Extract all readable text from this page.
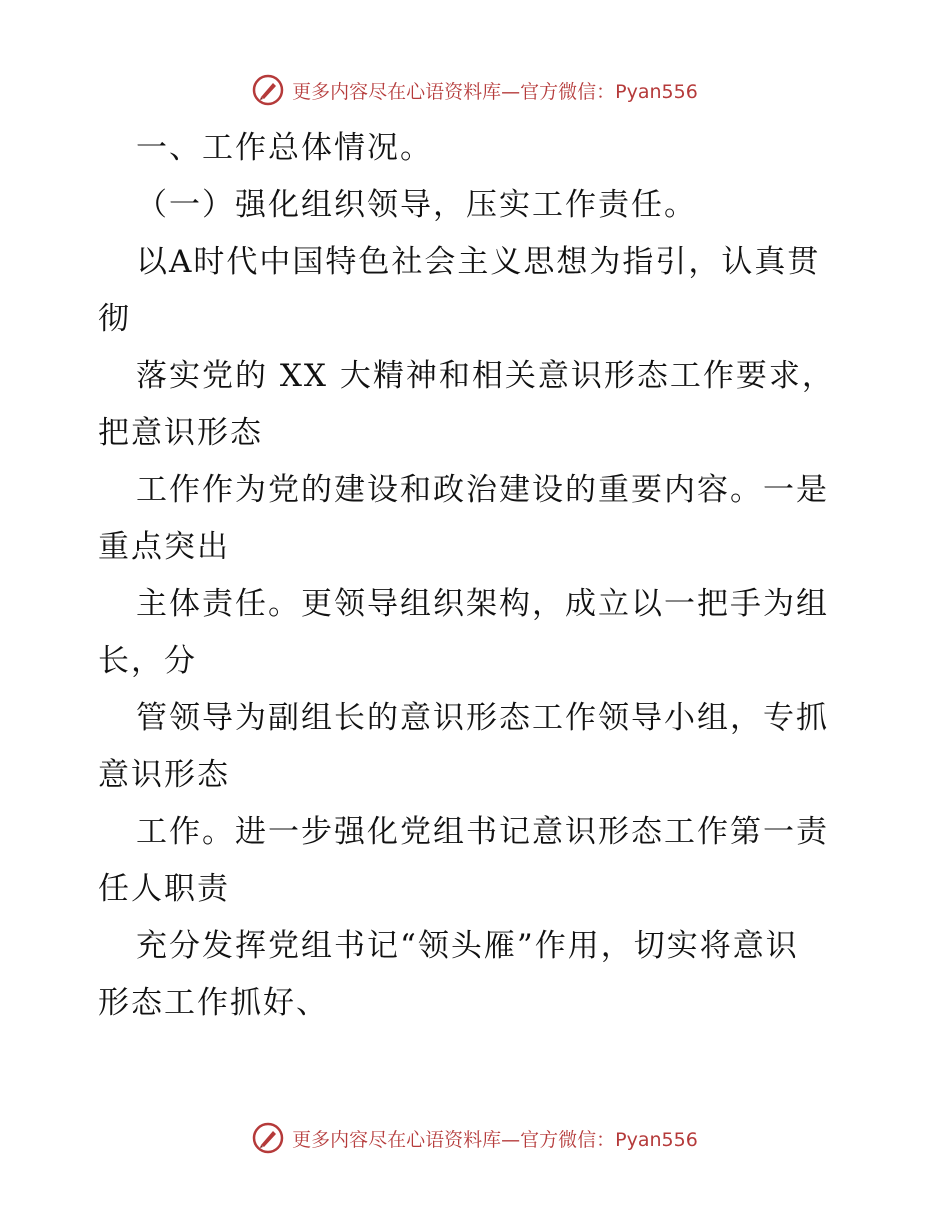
更多内容尽在心语资料库—官方微信：Pyan556

一、工作总体情况。

（一）强化组织领导，压实工作责任。

以A时代中国特色社会主义思想为指引，认真贯

彻

落实党的 XX 大精神和相关意识形态工作要求，

把意识形态

工作作为党的建设和政治建设的重要内容。一是

重点突出

主体责任。更领导组织架构，成立以一把手为组

长，分

管领导为副组长的意识形态工作领导小组，专抓

意识形态

工作。进一步强化党组书记意识形态工作第一责

任人职责

充分发挥党组书记“领头雁”作用，切实将意识

形态工作抓好、

更多内容尽在心语资料库—官方微信：Pyan556
